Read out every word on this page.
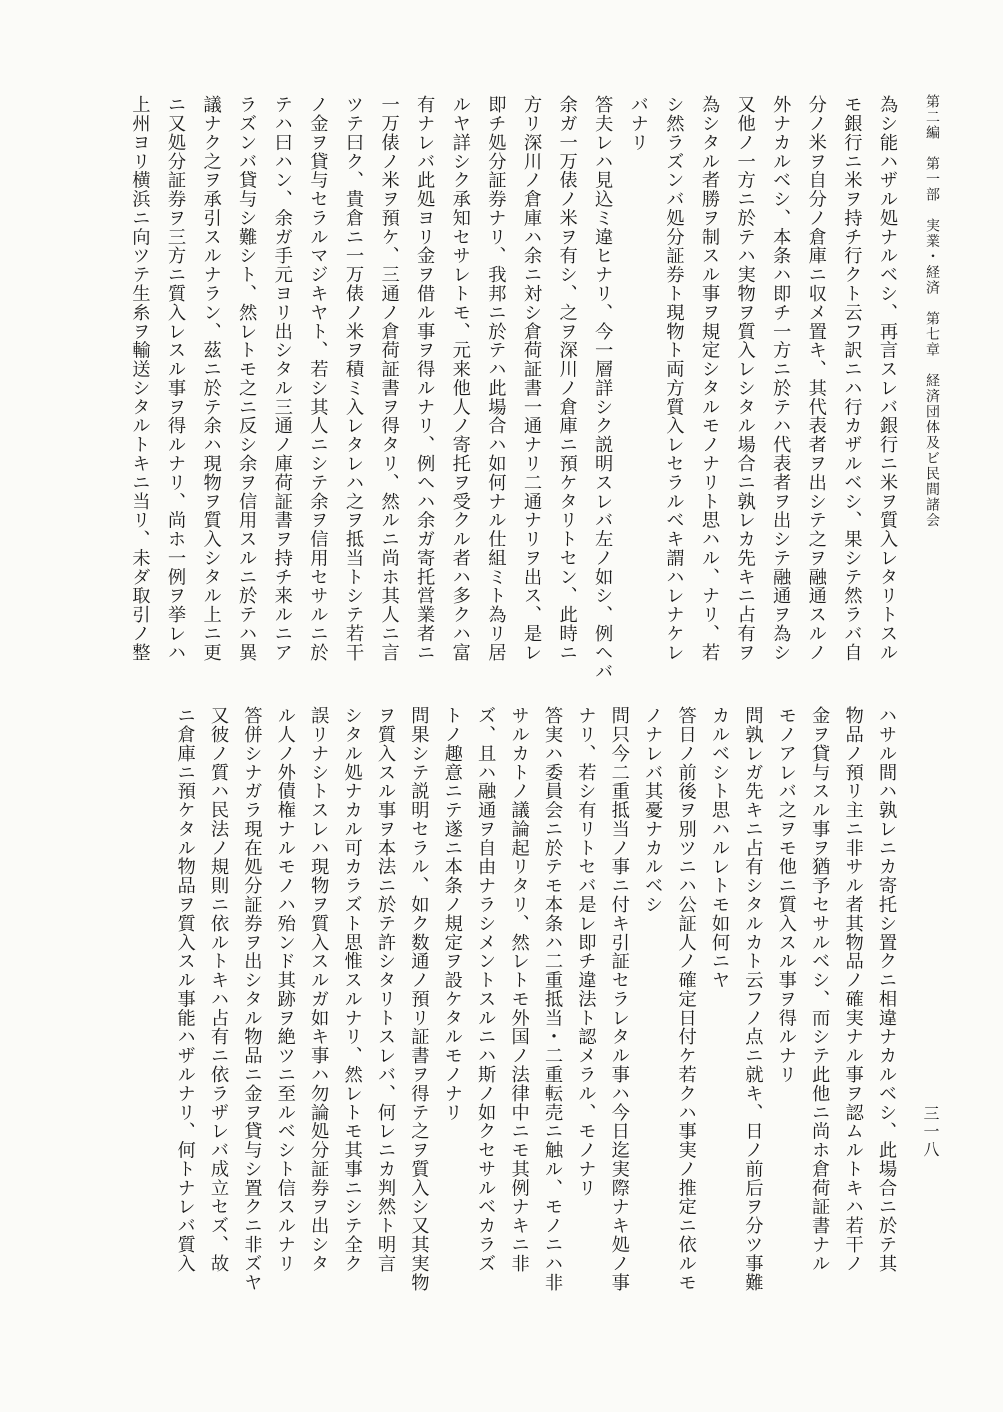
第二編　第一部　実業・経済　第七章　経済団体及ビ民間諸会
三一八

為シ能ハザル処ナルベシ、再言スレバ銀行ニ米ヲ質入レタリトスル

モ銀行ニ米ヲ持チ行クト云フ訳ニハ行カザルベシ、果シテ然ラバ自

分ノ米ヲ自分ノ倉庫ニ収メ置キ、其代表者ヲ出シテ之ヲ融通スルノ

外ナカルベシ、本条ハ即チ一方ニ於テハ代表者ヲ出シテ融通ヲ為シ

又他ノ一方ニ於テハ実物ヲ質入レシタル場合ニ孰レカ先キニ占有ヲ

為シタル者勝ヲ制スル事ヲ規定シタルモノナリト思ハル、ナリ、若

シ然ラズンバ処分証券ト現物ト両方質入レセラルベキ謂ハレナケレ

バナリ

答夫レハ見込ミ違ヒナリ、今一層詳シク説明スレバ左ノ如シ、例ヘバ

余ガ一万俵ノ米ヲ有シ、之ヲ深川ノ倉庫ニ預ケタリトセン、此時ニ

方リ深川ノ倉庫ハ余ニ対シ倉荷証書一通ナリ二通ナリヲ出ス、是レ

即チ処分証券ナリ、我邦ニ於テハ此場合ハ如何ナル仕組ミト為リ居

ルヤ詳シク承知セサレトモ、元来他人ノ寄托ヲ受クル者ハ多クハ富

有ナレバ此処ヨリ金ヲ借ル事ヲ得ルナリ、例ヘハ余ガ寄托営業者ニ

一万俵ノ米ヲ預ケ、三通ノ倉荷証書ヲ得タリ、然ルニ尚ホ其人ニ言

ツテ曰ク、貴倉ニ一万俵ノ米ヲ積ミ入レタレハ之ヲ抵当トシテ若干

ノ金ヲ貸与セラルマジキヤト、若シ其人ニシテ余ヲ信用セサルニ於

テハ曰ハン、余ガ手元ヨリ出シタル三通ノ庫荷証書ヲ持チ来ルニア

ラズンバ貸与シ難シト、然レトモ之ニ反シ余ヲ信用スルニ於テハ異

議ナク之ヲ承引スルナラン、茲ニ於テ余ハ現物ヲ質入シタル上ニ更

ニ又処分証券ヲ三方ニ質入レスル事ヲ得ルナリ、尚ホ一例ヲ挙レハ

上州ヨリ横浜ニ向ツテ生糸ヲ輸送シタルトキニ当リ、未ダ取引ノ整

ハサル間ハ孰レニカ寄托シ置クニ相違ナカルベシ、此場合ニ於テ其

物品ノ預リ主ニ非サル者其物品ノ確実ナル事ヲ認ムルトキハ若干ノ

金ヲ貸与スル事ヲ猶予セサルベシ、而シテ此他ニ尚ホ倉荷証書ナル

モノアレバ之ヲモ他ニ質入スル事ヲ得ルナリ

問孰レガ先キニ占有シタルカト云フノ点ニ就キ、日ノ前后ヲ分ツ事難

カルベシト思ハルレトモ如何ニヤ

答日ノ前後ヲ別ツニハ公証人ノ確定日付ケ若クハ事実ノ推定ニ依ルモ

ノナレバ其憂ナカルベシ

問只今二重抵当ノ事ニ付キ引証セラレタル事ハ今日迄実際ナキ処ノ事

ナリ、若シ有リトセバ是レ即チ違法ト認メラル、モノナリ

答実ハ委員会ニ於テモ本条ハ二重抵当・二重転売ニ触ル、モノニハ非

サルカトノ議論起リタリ、然レトモ外国ノ法律中ニモ其例ナキニ非

ズ、且ハ融通ヲ自由ナラシメントスルニハ斯ノ如クセサルベカラズ

トノ趣意ニテ遂ニ本条ノ規定ヲ設ケタルモノナリ

問果シテ説明セラル、如ク数通ノ預リ証書ヲ得テ之ヲ質入シ又其実物

ヲ質入スル事ヲ本法ニ於テ許シタリトスレバ、何レニカ判然ト明言

シタル処ナカル可カラズト思惟スルナリ、然レトモ其事ニシテ全ク

誤リナシトスレハ現物ヲ質入スルガ如キ事ハ勿論処分証券ヲ出シタ

ル人ノ外債権ナルモノハ殆ンド其跡ヲ絶ツニ至ルベシト信スルナリ

答併シナガラ現在処分証券ヲ出シタル物品ニ金ヲ貸与シ置クニ非ズヤ

又彼ノ質ハ民法ノ規則ニ依ルトキハ占有ニ依ラザレバ成立セズ、故

ニ倉庫ニ預ケタル物品ヲ質入スル事能ハザルナリ、何トナレバ質入
